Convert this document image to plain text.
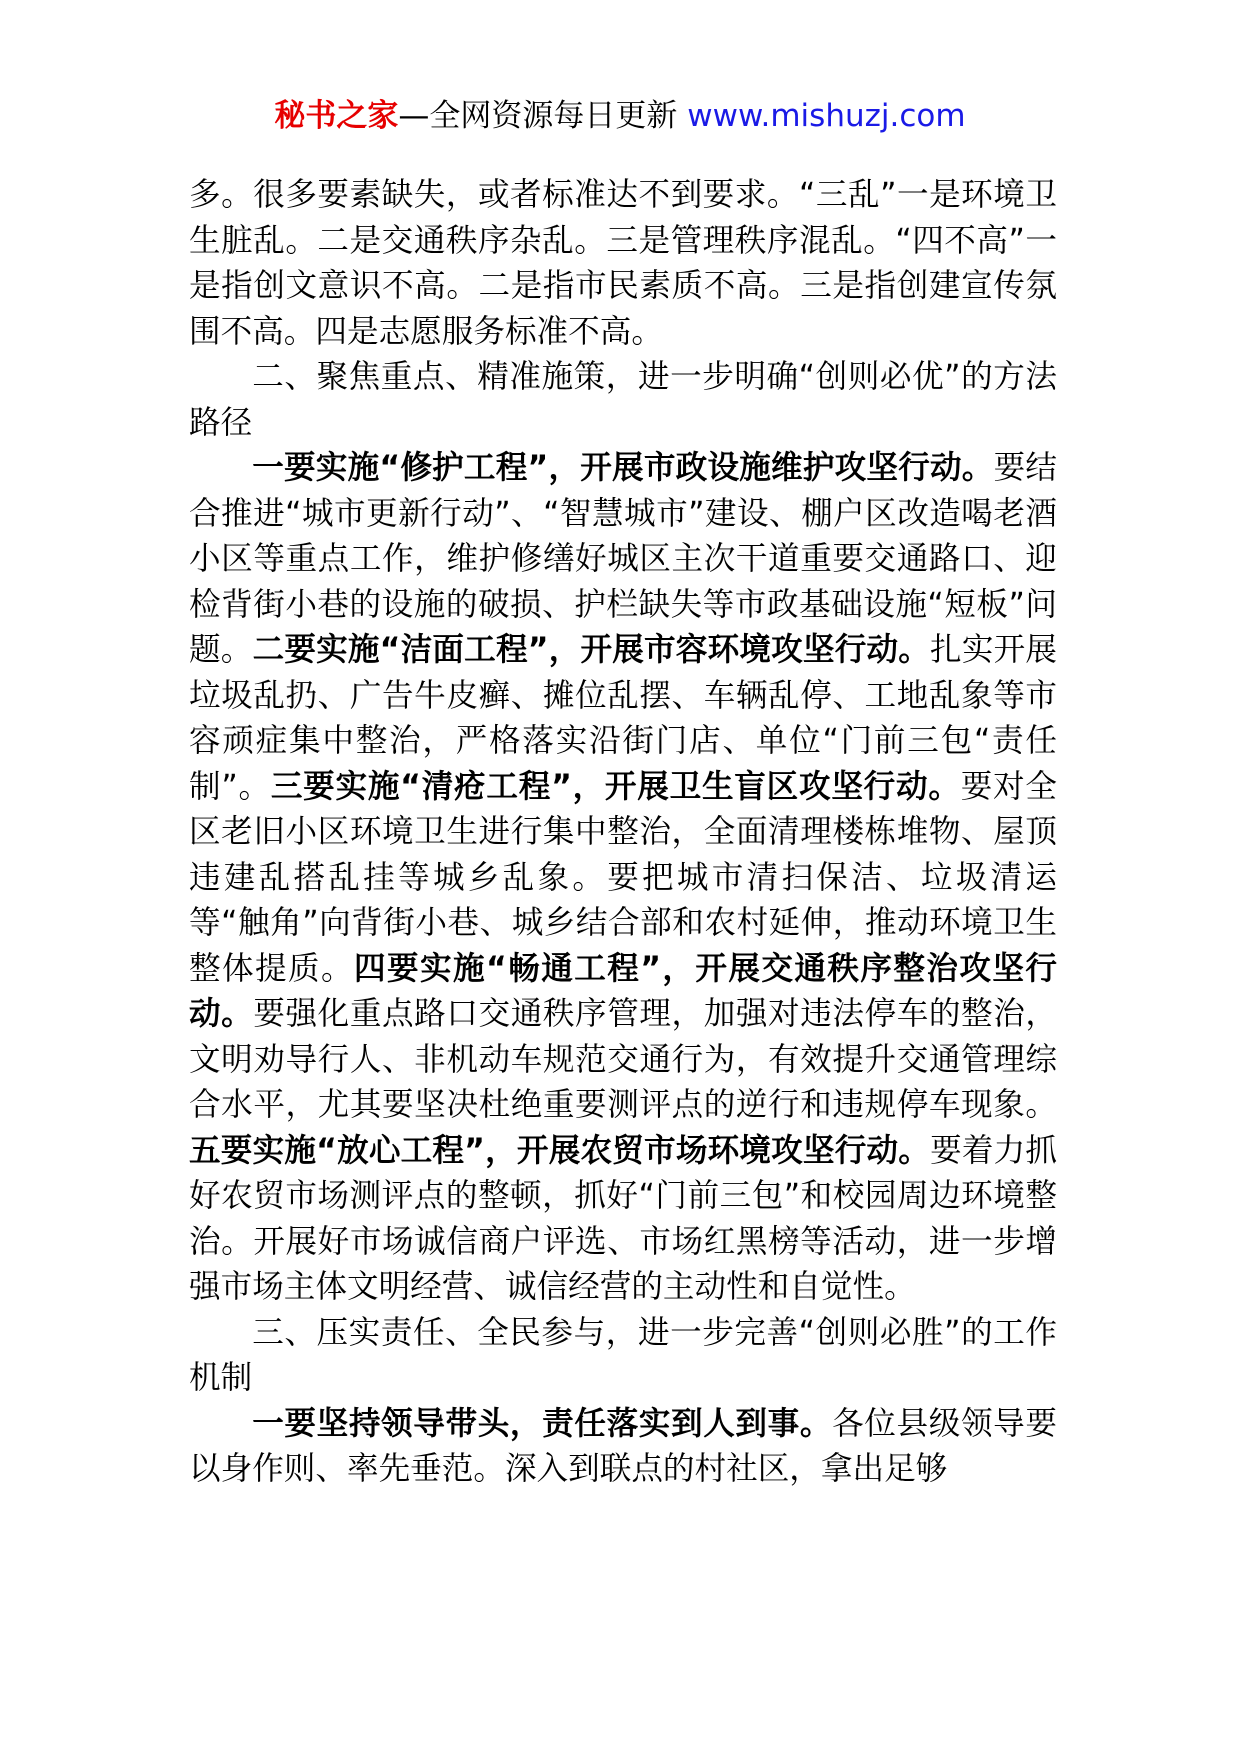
秘书之家—全网资源每日更新 www.mishuzj.com

多。很多要素缺失，或者标准达不到要求。“三乱”一是环境卫生脏乱。二是交通秩序杂乱。三是管理秩序混乱。“四不高”一是指创文意识不高。二是指市民素质不高。三是指创建宣传氛围不高。四是志愿服务标准不高。

二、聚焦重点、精准施策，进一步明确“创则必优”的方法路径

一要实施“修护工程”，开展市政设施维护攻坚行动。要结合推进“城市更新行动”、“智慧城市”建设、棚户区改造喝老酒小区等重点工作，维护修缮好城区主次干道重要交通路口、迎检背街小巷的设施的破损、护栏缺失等市政基础设施“短板”问题。二要实施“洁面工程”，开展市容环境攻坚行动。扎实开展垃圾乱扔、广告牛皮癣、摊位乱摆、车辆乱停、工地乱象等市容顽症集中整治，严格落实沿街门店、单位“门前三包“责任制”。三要实施“清疮工程”，开展卫生盲区攻坚行动。要对全区老旧小区环境卫生进行集中整治，全面清理楼栋堆物、屋顶违建乱搭乱挂等城乡乱象。要把城市清扫保洁、垃圾清运等“触角”向背街小巷、城乡结合部和农村延伸，推动环境卫生整体提质。四要实施“畅通工程”，开展交通秩序整治攻坚行动。要强化重点路口交通秩序管理，加强对违法停车的整治，文明劝导行人、非机动车规范交通行为，有效提升交通管理综合水平，尤其要坚决杜绝重要测评点的逆行和违规停车现象。五要实施“放心工程”，开展农贸市场环境攻坚行动。要着力抓好农贸市场测评点的整顿，抓好“门前三包”和校园周边环境整治。开展好市场诚信商户评选、市场红黑榜等活动，进一步增强市场主体文明经营、诚信经营的主动性和自觉性。

三、压实责任、全民参与，进一步完善“创则必胜”的工作机制

一要坚持领导带头，责任落实到人到事。各位县级领导要以身作则、率先垂范。深入到联点的村社区，拿出足够
